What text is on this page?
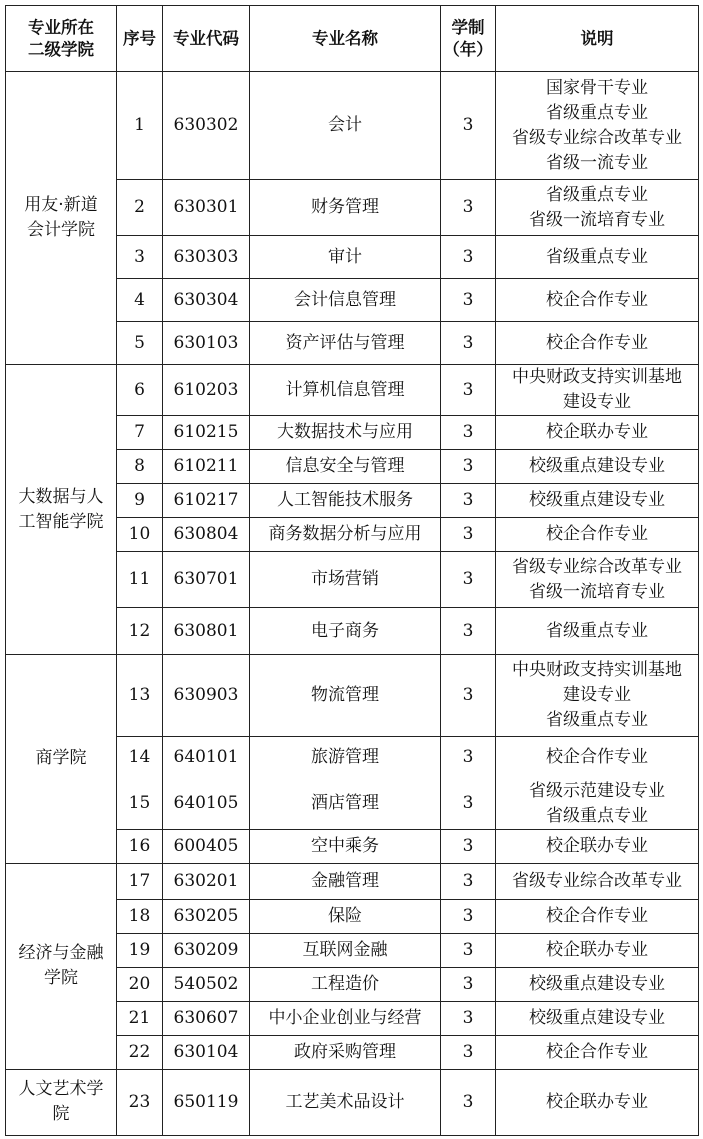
专业所在
二级学院	序号	专业代码	专业名称	学制
（年）	说明

用友·新道
会计学院	1	630302	会计	3	国家骨干专业
省级重点专业
省级专业综合改革专业
省级一流专业

	2	630301	财务管理	3	省级重点专业
省级一流培育专业

	3	630303	审计	3	省级重点专业

	4	630304	会计信息管理	3	校企合作专业

	5	630103	资产评估与管理	3	校企合作专业

大数据与人
工智能学院	6	610203	计算机信息管理	3	中央财政支持实训基地
建设专业

	7	610215	大数据技术与应用	3	校企联办专业

	8	610211	信息安全与管理	3	校级重点建设专业

	9	610217	人工智能技术服务	3	校级重点建设专业

	10	630804	商务数据分析与应用	3	校企合作专业

	11	630701	市场营销	3	省级专业综合改革专业
省级一流培育专业

	12	630801	电子商务	3	省级重点专业

商学院	13	630903	物流管理	3	中央财政支持实训基地
建设专业
省级重点专业

	14	640101	旅游管理	3	校企合作专业

	15	640105	酒店管理	3	省级示范建设专业
省级重点专业

	16	600405	空中乘务	3	校企联办专业

经济与金融
学院	17	630201	金融管理	3	省级专业综合改革专业

	18	630205	保险	3	校企合作专业

	19	630209	互联网金融	3	校企联办专业

	20	540502	工程造价	3	校级重点建设专业

	21	630607	中小企业创业与经营	3	校级重点建设专业

	22	630104	政府采购管理	3	校企合作专业

人文艺术学
院	23	650119	工艺美术品设计	3	校企联办专业
